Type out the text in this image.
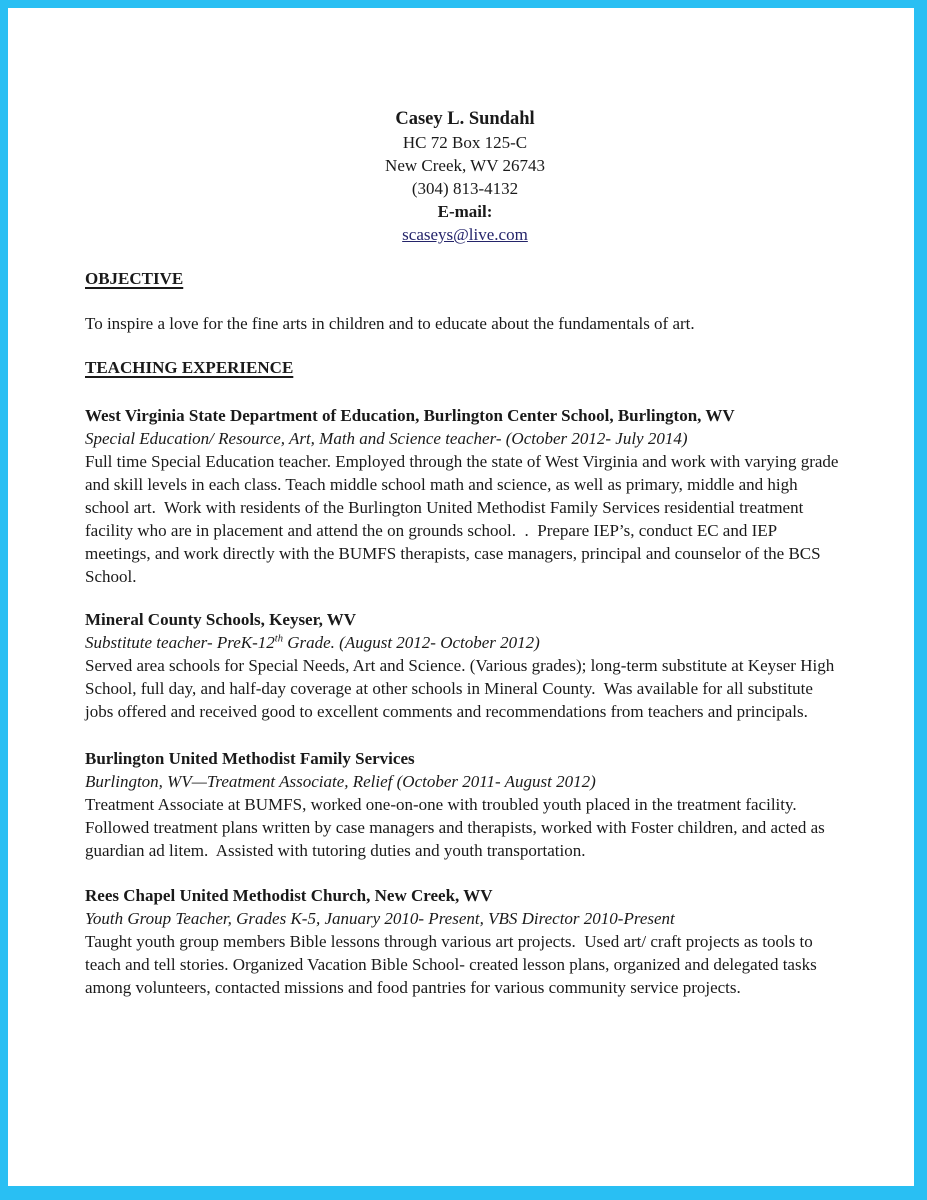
Casey L. Sundahl
HC 72 Box 125-C
New Creek, WV 26743
(304) 813-4132
E-mail:
scaseys@live.com
OBJECTIVE

To inspire a love for the fine arts in children and to educate about the fundamentals of art.

TEACHING EXPERIENCE
West Virginia State Department of Education, Burlington Center School, Burlington, WV
Special Education/ Resource, Art, Math and Science teacher- (October 2012- July 2014)

Full time Special Education teacher. Employed through the state of West Virginia and work with varying grade and skill levels in each class. Teach middle school math and science, as well as primary, middle and high school art.  Work with residents of the Burlington United Methodist Family Services residential treatment facility who are in placement and attend the on grounds school.  .  Prepare IEP’s, conduct EC and IEP meetings, and work directly with the BUMFS therapists, case managers, principal and counselor of the BCS School.

Mineral County Schools, Keyser, WV
Substitute teacher- PreK-12th Grade. (August 2012- October 2012)

Served area schools for Special Needs, Art and Science. (Various grades); long-term substitute at Keyser High School, full day, and half-day coverage at other schools in Mineral County.  Was available for all substitute jobs offered and received good to excellent comments and recommendations from teachers and principals.

Burlington United Methodist Family Services
Burlington, WV—Treatment Associate, Relief (October 2011- August 2012)

Treatment Associate at BUMFS, worked one-on-one with troubled youth placed in the treatment facility. Followed treatment plans written by case managers and therapists, worked with Foster children, and acted as guardian ad litem.  Assisted with tutoring duties and youth transportation.

Rees Chapel United Methodist Church, New Creek, WV
Youth Group Teacher, Grades K-5, January 2010- Present, VBS Director 2010-Present

Taught youth group members Bible lessons through various art projects.  Used art/ craft projects as tools to teach and tell stories. Organized Vacation Bible School- created lesson plans, organized and delegated tasks among volunteers, contacted missions and food pantries for various community service projects.
